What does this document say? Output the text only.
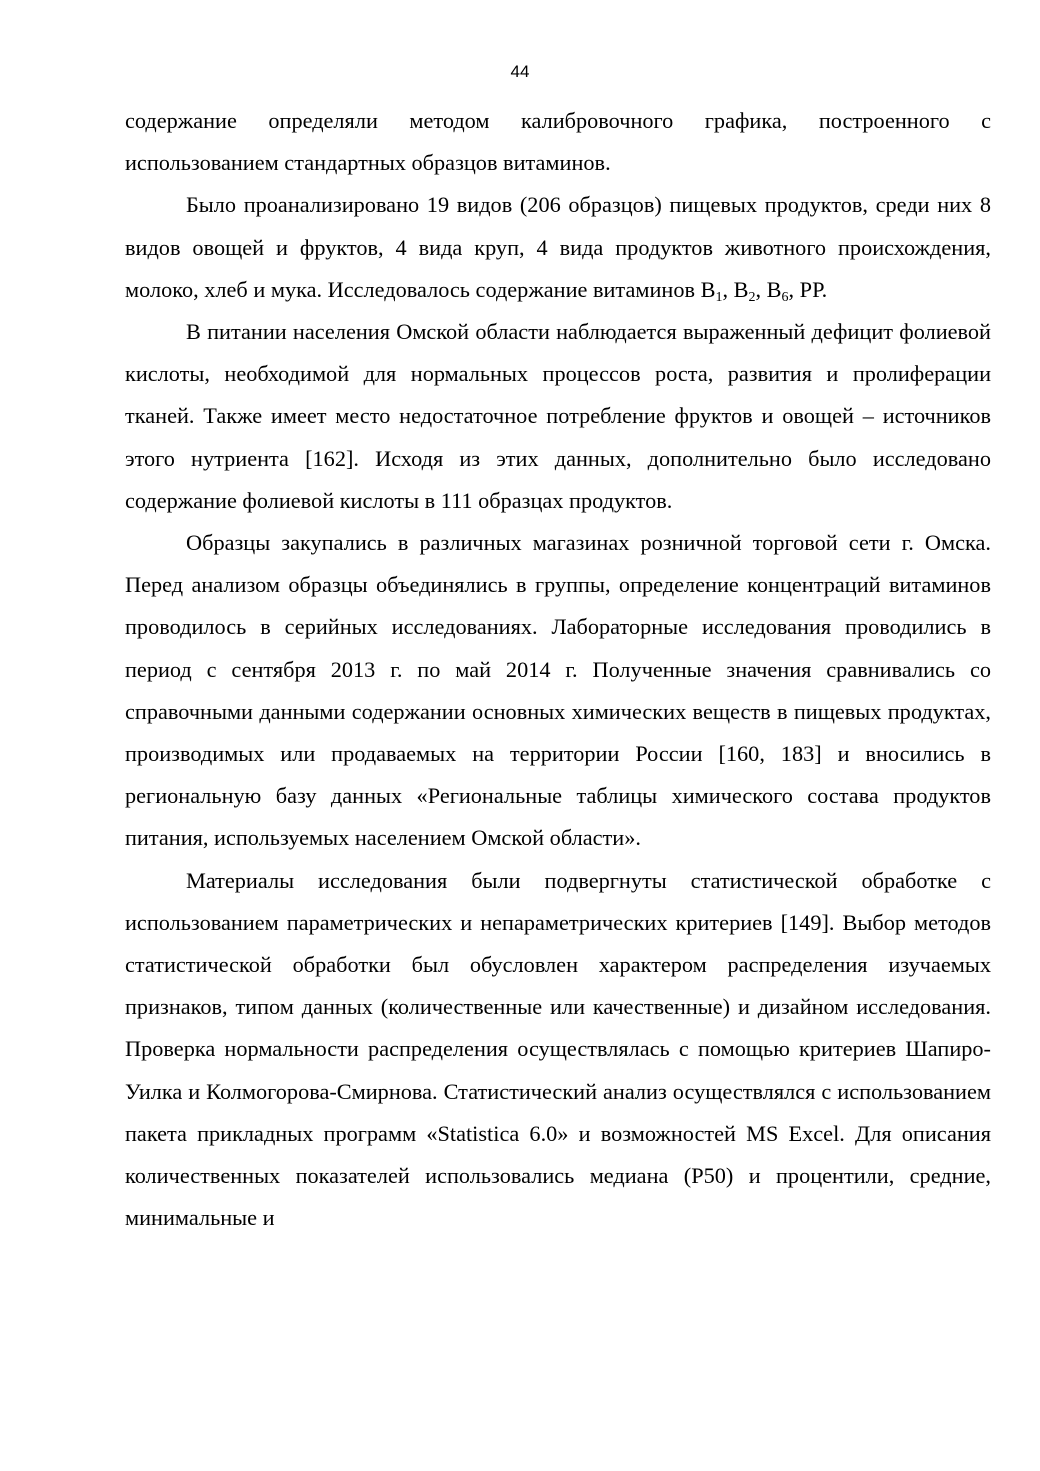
44

содержание определяли методом калибровочного графика, построенного с использованием стандартных образцов витаминов.

Было проанализировано 19 видов (206 образцов) пищевых продуктов, среди них 8 видов овощей и фруктов, 4 вида круп, 4 вида продуктов животного происхождения, молоко, хлеб и мука. Исследовалось содержание витаминов $В_1$, $В_2$, $В_6$, РР.

В питании населения Омской области наблюдается выраженный дефицит фолиевой кислоты, необходимой для нормальных процессов роста, развития и пролиферации тканей. Также имеет место недостаточное потребление фруктов и овощей – источников этого нутриента [162]. Исходя из этих данных, дополнительно было исследовано содержание фолиевой кислоты в 111 образцах продуктов.

Образцы закупались в различных магазинах розничной торговой сети г. Омска. Перед анализом образцы объединялись в группы, определение концентраций витаминов проводилось в серийных исследованиях. Лабораторные исследования проводились в период с сентября 2013 г. по май 2014 г. Полученные значения сравнивались со справочными данными содержании основных химических веществ в пищевых продуктах, производимых или продаваемых на территории России [160, 183] и вносились в региональную базу данных «Региональные таблицы химического состава продуктов питания, используемых населением Омской области».

Материалы исследования были подвергнуты статистической обработке с использованием параметрических и непараметрических критериев [149]. Выбор методов статистической обработки был обусловлен характером распределения изучаемых признаков, типом данных (количественные или качественные) и дизайном исследования. Проверка нормальности распределения осуществлялась с помощью критериев Шапиро-Уилка и Колмогорова-Смирнова. Статистический анализ осуществлялся с использованием пакета прикладных программ «Statistica 6.0» и возможностей MS Excel. Для описания количественных показателей использовались медиана (P50) и процентили, средние, минимальные и
